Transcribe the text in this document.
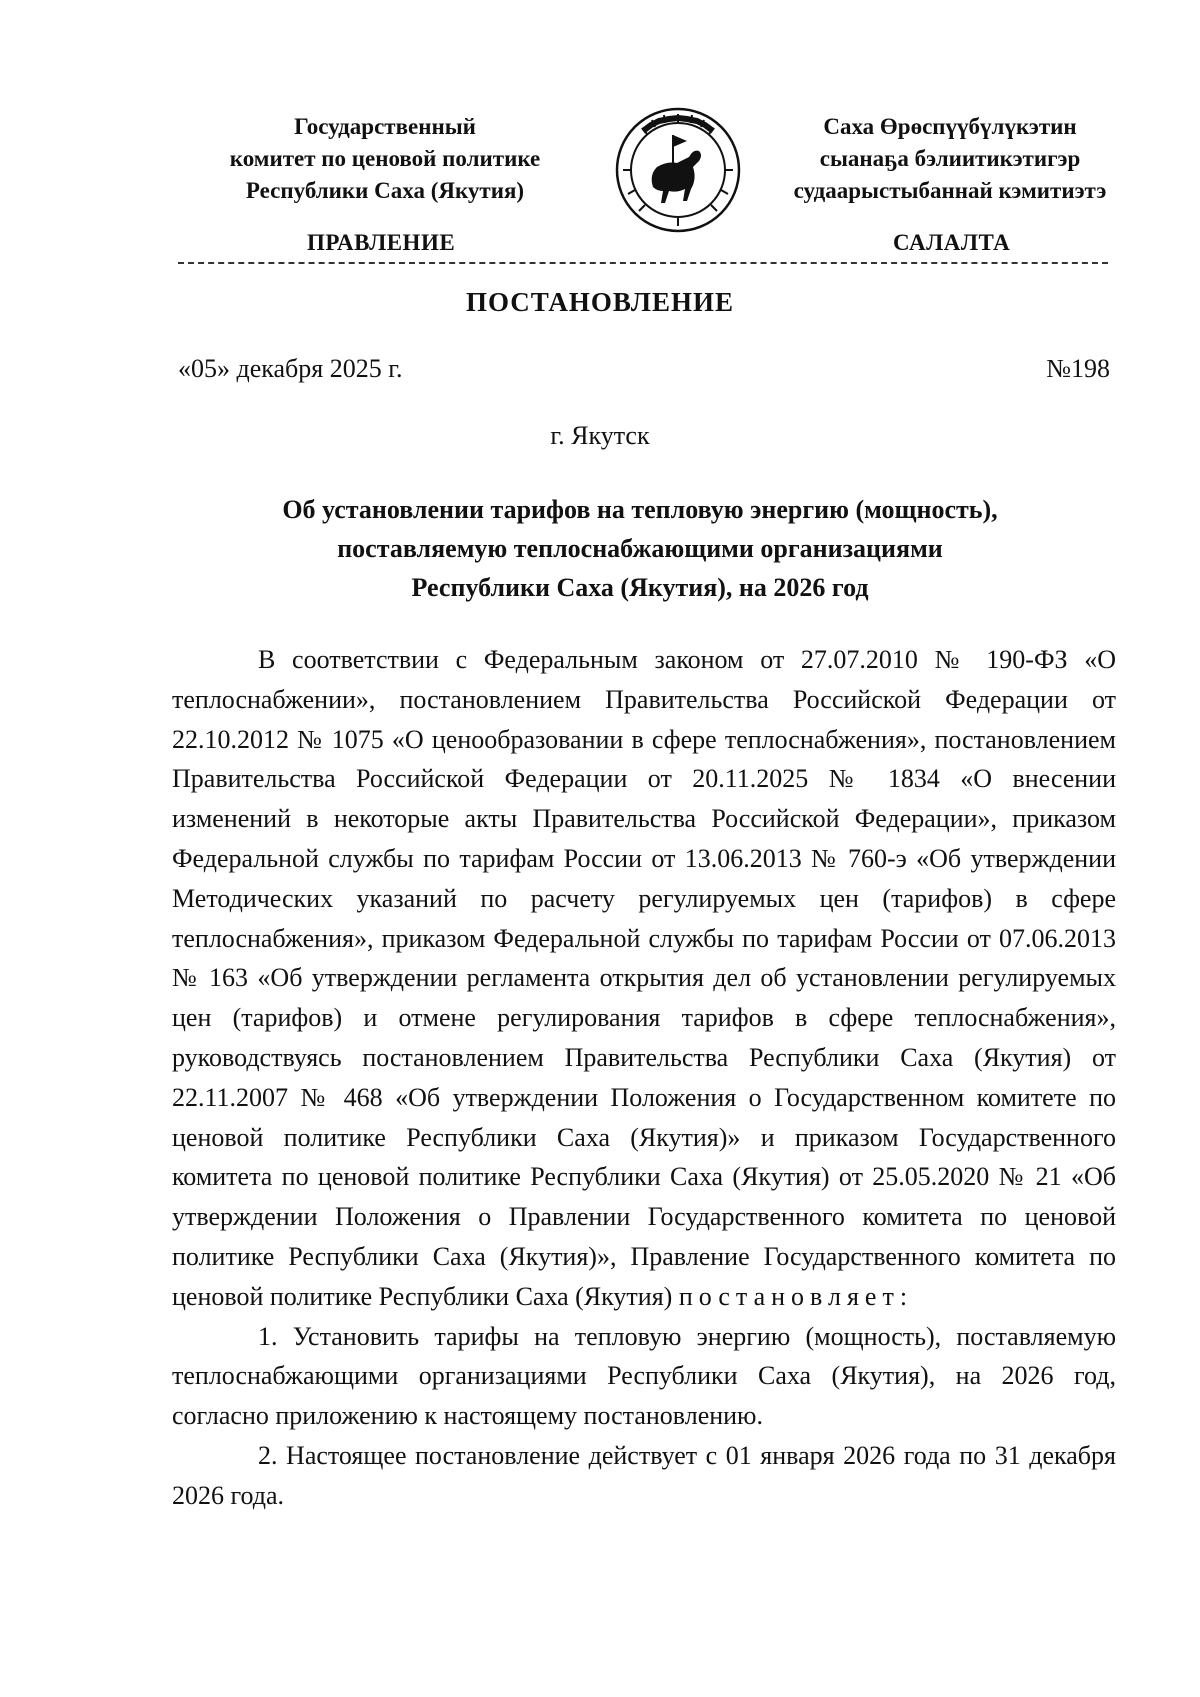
Государственный
комитет по ценовой политике
Республики Саха (Якутия)
Саха Өрөспүүбүлүкэтин
сыанаҕа бэлиитикэтигэр
судаарыстыбаннай кэмитиэтэ
ПРАВЛЕНИЕ	САЛАЛТА
ПОСТАНОВЛЕНИЕ
«05» декабря 2025 г.	№198
г. Якутск
Об установлении тарифов на тепловую энергию (мощность),
поставляемую теплоснабжающими организациями
Республики Саха (Якутия), на 2026 год

В соответствии с Федеральным законом от 27.07.2010 № 190-ФЗ «О теплоснабжении», постановлением Правительства Российской Федерации от 22.10.2012 № 1075 «О ценообразовании в сфере теплоснабжения», постановлением Правительства Российской Федерации от 20.11.2025 № 1834 «О внесении изменений в некоторые акты Правительства Российской Федерации», приказом Федеральной службы по тарифам России от 13.06.2013 № 760-э «Об утверждении Методических указаний по расчету регулируемых цен (тарифов) в сфере теплоснабжения», приказом Федеральной службы по тарифам России от 07.06.2013 № 163 «Об утверждении регламента открытия дел об установлении регулируемых цен (тарифов) и отмене регулирования тарифов в сфере теплоснабжения», руководствуясь постановлением Правительства Республики Саха (Якутия) от 22.11.2007 № 468 «Об утверждении Положения о Государственном комитете по ценовой политике Республики Саха (Якутия)» и приказом Государственного комитета по ценовой политике Республики Саха (Якутия) от 25.05.2020 № 21 «Об утверждении Положения о Правлении Государственного комитета по ценовой политике Республики Саха (Якутия)», Правление Государственного комитета по ценовой политике Республики Саха (Якутия) постановляет:

1. Установить тарифы на тепловую энергию (мощность), поставляемую теплоснабжающими организациями Республики Саха (Якутия), на 2026 год, согласно приложению к настоящему постановлению.

2. Настоящее постановление действует с 01 января 2026 года по 31 декабря 2026 года.
